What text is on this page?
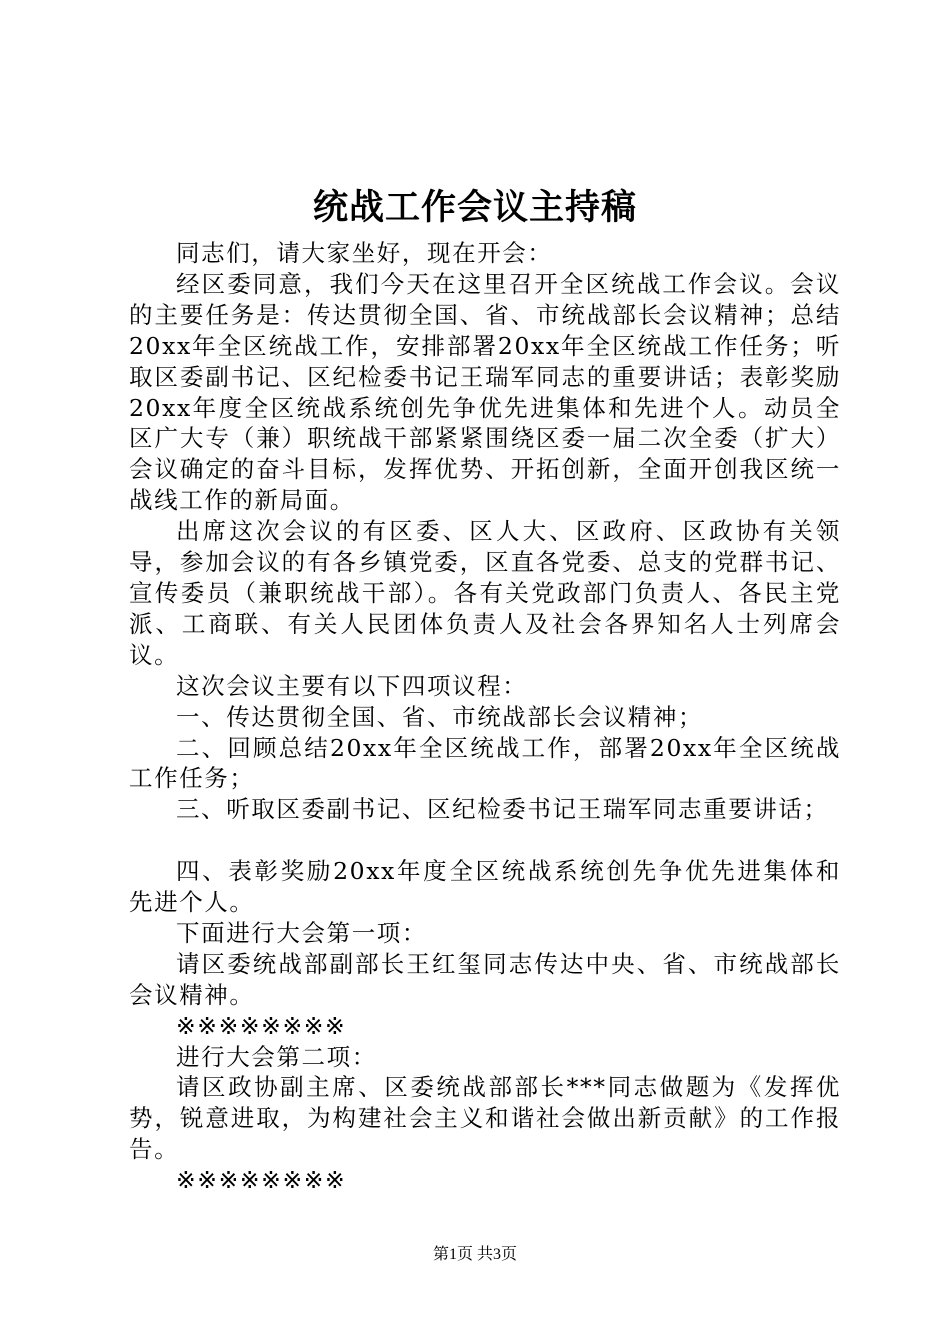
统战工作会议主持稿

同志们，请大家坐好，现在开会：

经区委同意，我们今天在这里召开全区统战工作会议。会议的主要任务是：传达贯彻全国、省、市统战部长会议精神；总结20xx年全区统战工作，安排部署20xx年全区统战工作任务；听取区委副书记、区纪检委书记王瑞军同志的重要讲话；表彰奖励20xx年度全区统战系统创先争优先进集体和先进个人。动员全区广大专（兼）职统战干部紧紧围绕区委一届二次全委（扩大）会议确定的奋斗目标，发挥优势、开拓创新，全面开创我区统一战线工作的新局面。

出席这次会议的有区委、区人大、区政府、区政协有关领导，参加会议的有各乡镇党委，区直各党委、总支的党群书记、宣传委员（兼职统战干部）。各有关党政部门负责人、各民主党派、工商联、有关人民团体负责人及社会各界知名人士列席会议。

这次会议主要有以下四项议程：

一、传达贯彻全国、省、市统战部长会议精神；

二、回顾总结20xx年全区统战工作，部署20xx年全区统战工作任务；

三、听取区委副书记、区纪检委书记王瑞军同志重要讲话；

四、表彰奖励20xx年度全区统战系统创先争优先进集体和先进个人。

下面进行大会第一项：

请区委统战部副部长王红玺同志传达中央、省、市统战部长会议精神。

※※※※※※※※

进行大会第二项：

请区政协副主席、区委统战部部长***同志做题为《发挥优势，锐意进取，为构建社会主义和谐社会做出新贡献》的工作报告。

※※※※※※※※

第1页 共3页
